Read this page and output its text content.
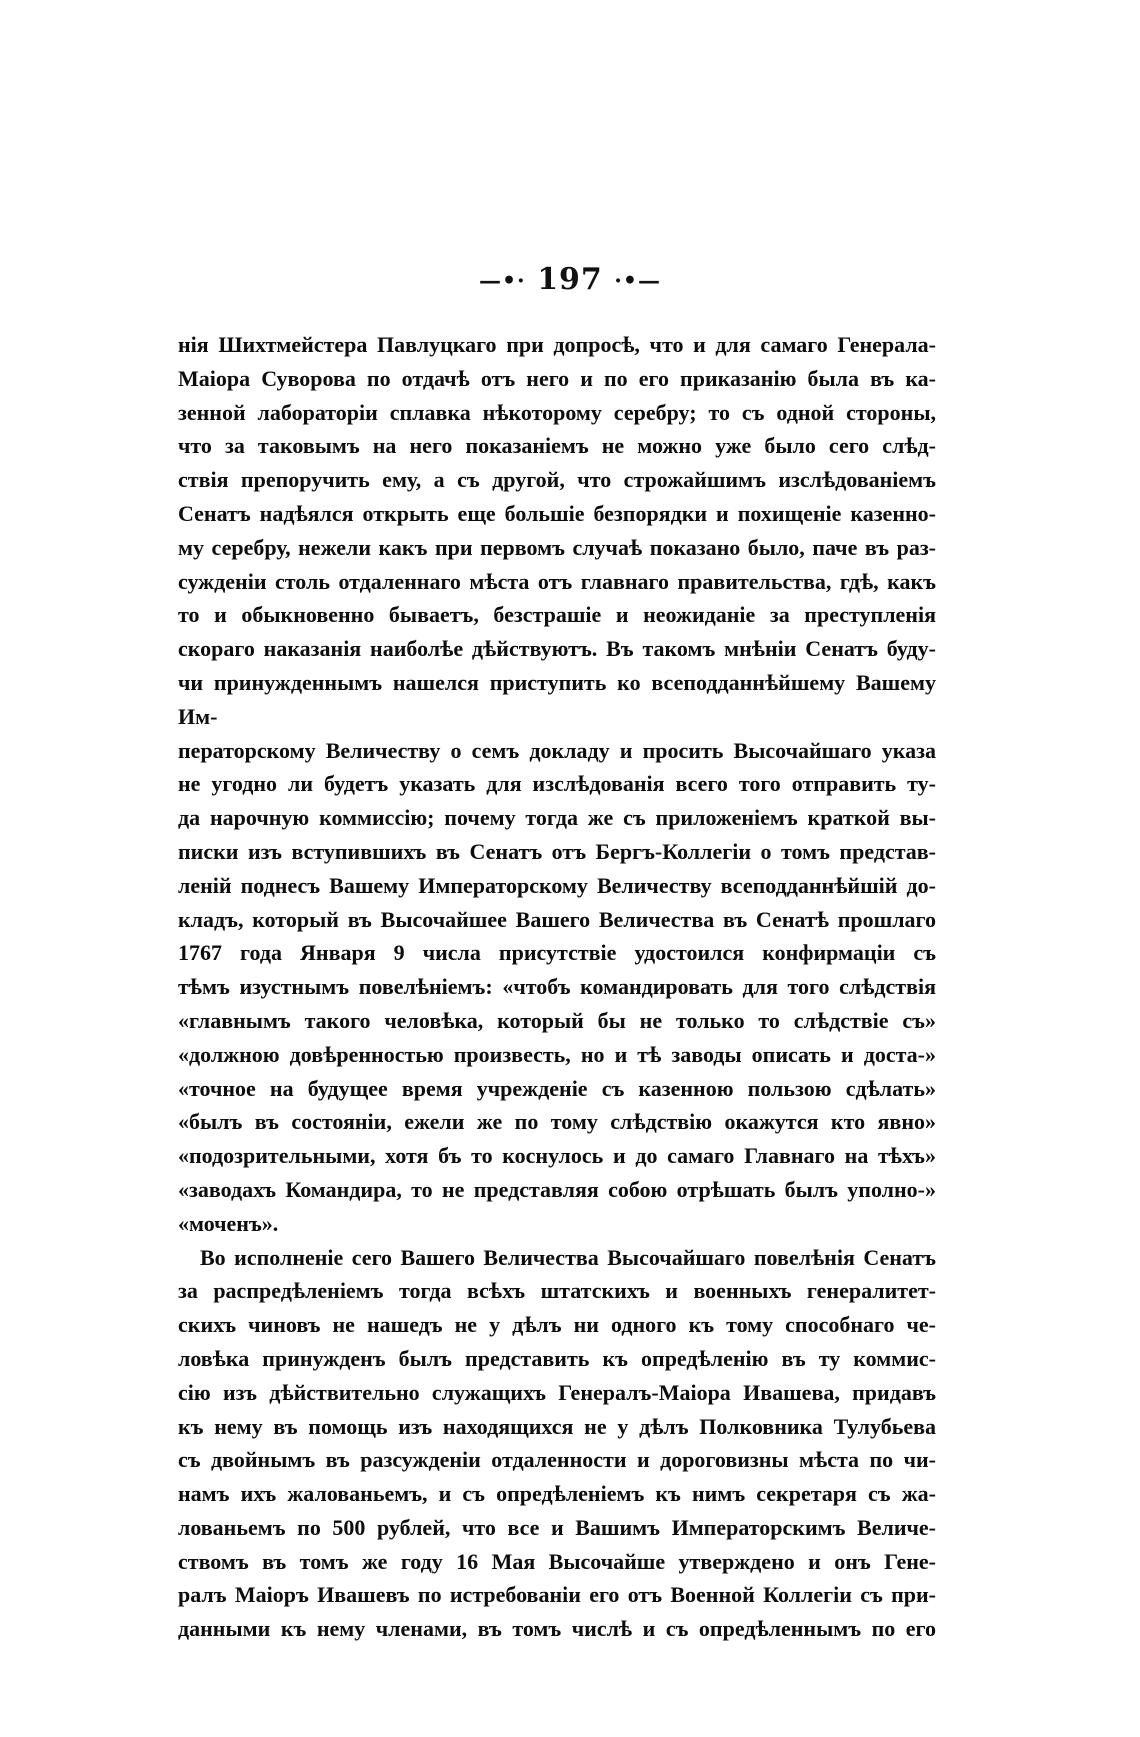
—•· 197 ·•—

нія Шихтмейстера Павлуцкаго при допросѣ, что и для самаго Генерала-

Маіора Суворова по отдачѣ отъ него и по его приказанію была въ ка-

зенной лабораторіи сплавка нѣкоторому серебру; то съ одной стороны,

что за таковымъ на него показаніемъ не можно уже было сего слѣд-

ствія препоручить ему, а съ другой, что строжайшимъ изслѣдованіемъ

Сенатъ надѣялся открыть еще большіе безпорядки и похищеніе казенно-

му серебру, нежели какъ при первомъ случаѣ показано было, паче въ раз-

сужденіи столь отдаленнаго мѣста отъ главнаго правительства, гдѣ, какъ

то и обыкновенно бываетъ, безстрашіе и неожиданіе за преступленія

скораго наказанія наиболѣе дѣйствуютъ. Въ такомъ мнѣніи Сенатъ буду-

чи принужденнымъ нашелся приступить ко всеподданнѣйшему Вашему Им-

ператорскому Величеству о семъ докладу и просить Высочайшаго указа

не угодно ли будетъ указать для изслѣдованія всего того отправить ту-

да нарочную коммиссію; почему тогда же съ приложеніемъ краткой вы-

писки изъ вступившихъ въ Сенатъ отъ Бергъ-Коллегіи о томъ представ-

леній поднесъ Вашему Императорскому Величеству всеподданнѣйшій до-

кладъ, который въ Высочайшее Вашего Величества въ Сенатѣ прошлаго

1767 года Января 9 числа присутствіе удостоился конфирмаціи съ

тѣмъ изустнымъ повелѣніемъ: «чтобъ командировать для того слѣдствія

«главнымъ такого человѣка, который бы не только то слѣдствіе съ»

«должною довѣренностью произвесть, но и тѣ заводы описать и доста-»

«точное на будущее время учрежденіе съ казенною пользою сдѣлать»

«былъ въ состояніи, ежели же по тому слѣдствію окажутся кто явно»

«подозрительными, хотя бъ то коснулось и до самаго Главнаго на тѣхъ»

«заводахъ Командира, то не представляя собою отрѣшать былъ уполно-»

«моченъ».

Во исполненіе сего Вашего Величества Высочайшаго повелѣнія Сенатъ

за распредѣленіемъ тогда всѣхъ штатскихъ и военныхъ генералитет-

скихъ чиновъ не нашедъ не у дѣлъ ни одного къ тому способнаго че-

ловѣка принужденъ былъ представить къ опредѣленію въ ту коммис-

сію изъ дѣйствительно служащихъ Генералъ-Маіора Ивашева, придавъ

къ нему въ помощь изъ находящихся не у дѣлъ Полковника Тулубьева

съ двойнымъ въ разсужденіи отдаленности и дороговизны мѣста по чи-

намъ ихъ жалованьемъ, и съ опредѣленіемъ къ нимъ секретаря съ жа-

лованьемъ по 500 рублей, что все и Вашимъ Императорскимъ Величе-

ствомъ въ томъ же году 16 Мая Высочайше утверждено и онъ Гене-

ралъ Маіоръ Ивашевъ по истребованіи его отъ Военной Коллегіи съ при-

данными къ нему членами, въ томъ числѣ и съ опредѣленнымъ по его
